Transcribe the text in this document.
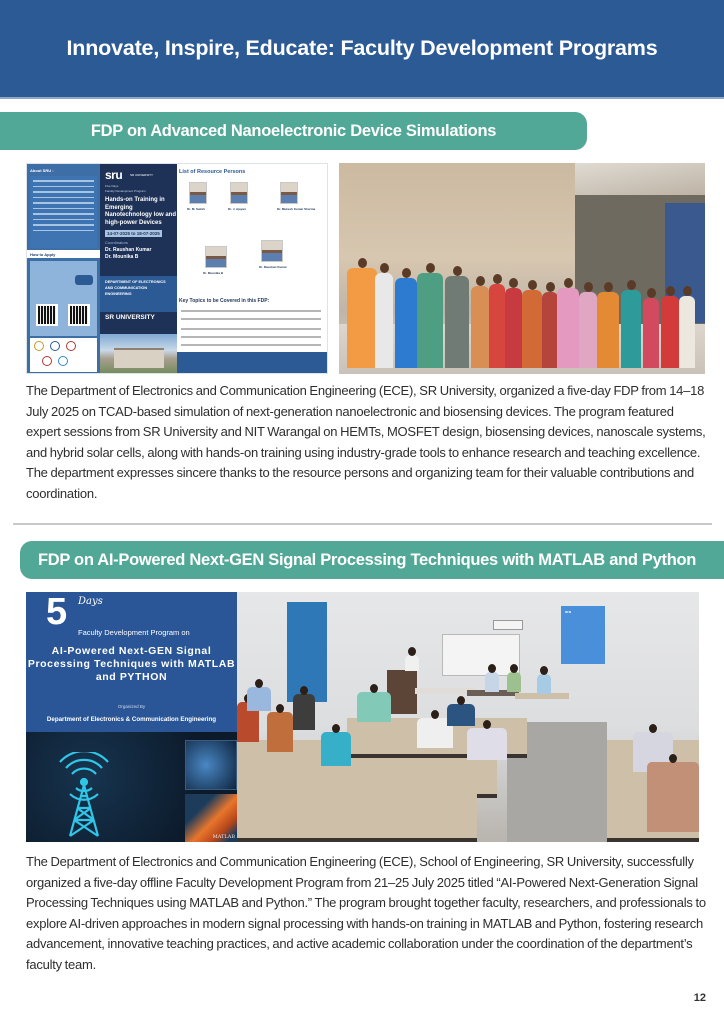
Innovate, Inspire, Educate: Faculty Development Programs
FDP on Advanced Nanoelectronic Device Simulations
About SRU :
How to Apply
sru	SR UNIVERSITY
Five Days
Faculty Development Program
Hands-on Training in Emerging Nanotechnology low and high-power Devices
14-07-2025 to 18-07-2025
Coordinators
Dr. Raushan Kumar
Dr. Mounika B
DEPARTMENT OF ELECTRONICS AND COMMUNICATION ENGINEERING
SR UNIVERSITY
List of Resource Persons
Dr. M. Satish	Dr. J. Ajayan	Dr. Mukesh Kumar Sharma
Dr. Mounika B
Dr. Raushan Kumar
Key Topics to be Covered in this FDP:

The Department of Electronics and Communication Engineering (ECE), SR University, organized a five-day FDP from 14–18 July 2025 on TCAD-based simulation of next-generation nanoelectronic and biosensing devices. The program featured expert sessions from SR University and NIT Warangal on HEMTs, MOSFET design, biosensing devices, nanoscale systems, and hybrid solar cells, along with hands-on training using industry-grade tools to enhance research and teaching excellence. The department expresses sincere thanks to the resource persons and organizing team for their valuable contributions and coordination.

FDP on AI-Powered Next-GEN Signal Processing Techniques with MATLAB and Python
5 Days
Faculty Development Program on
AI-Powered Next-GEN Signal Processing Techniques with MATLAB and PYTHON
Organized By
Department of Electronics & Communication Engineering
MATLAB
sru

The Department of Electronics and Communication Engineering (ECE), School of Engineering, SR University, successfully organized a five-day offline Faculty Development Program from 21–25 July 2025 titled “AI-Powered Next-Generation Signal Processing Techniques using MATLAB and Python.” The program brought together faculty, researchers, and professionals to explore AI-driven approaches in modern signal processing with hands-on training in MATLAB and Python, fostering research advancement, innovative teaching practices, and active academic collaboration under the coordination of the department’s faculty team.

12
